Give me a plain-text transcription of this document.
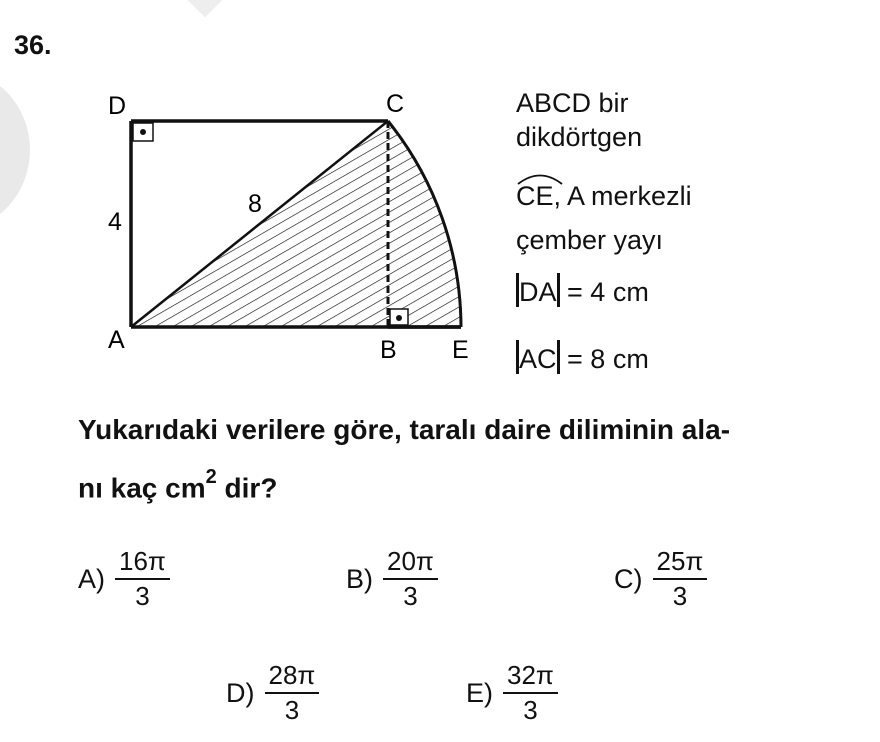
36.
D	C
A	B E
4
8
ABCD bir
dikdörtgen
CE, A merkezli
çember yayı
DA = 4 cm
AC = 8 cm
Yukarıdaki verilere göre, taralı daire diliminin ala-
nı kaç $cm^2$ dir?
$A) \frac{16\pi}{3}$	$B) \frac{20\pi}{3}$	$C) \frac{25\pi}{3}$
$D) \frac{28\pi}{3}$	$E) \frac{32\pi}{3}$
